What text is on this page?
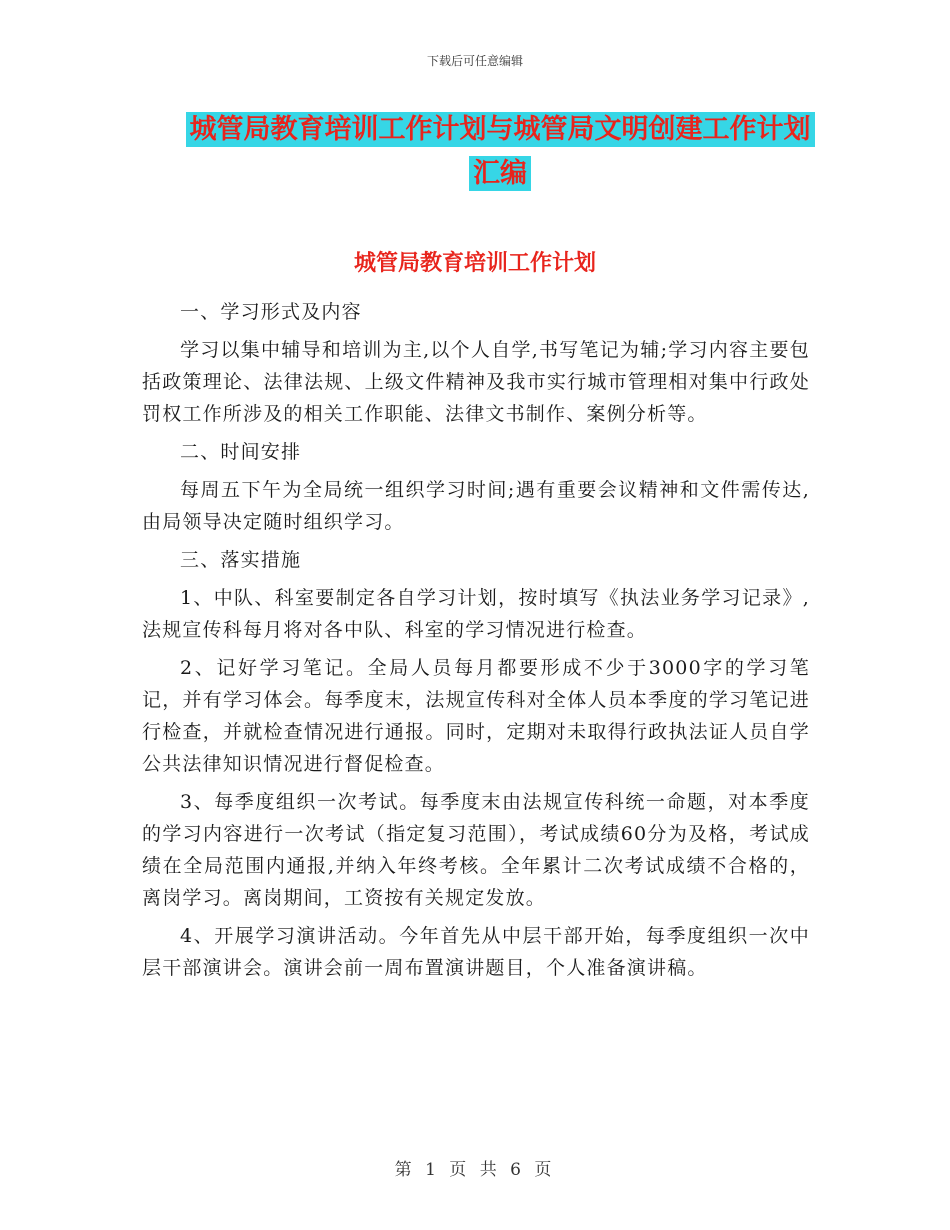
下载后可任意编辑
城管局教育培训工作计划与城管局文明创建工作计划
汇编
城管局教育培训工作计划

一、学习形式及内容

学习以集中辅导和培训为主,以个人自学,书写笔记为辅;学习内容主要包括政策理论、法律法规、上级文件精神及我市实行城市管理相对集中行政处罚权工作所涉及的相关工作职能、法律文书制作、案例分析等。

二、时间安排

每周五下午为全局统一组织学习时间;遇有重要会议精神和文件需传达,由局领导决定随时组织学习。

三、落实措施

1、中队、科室要制定各自学习计划，按时填写《执法业务学习记录》,法规宣传科每月将对各中队、科室的学习情况进行检查。

2、记好学习笔记。全局人员每月都要形成不少于3000字的学习笔记，并有学习体会。每季度末，法规宣传科对全体人员本季度的学习笔记进行检查，并就检查情况进行通报。同时，定期对未取得行政执法证人员自学公共法律知识情况进行督促检查。

3、每季度组织一次考试。每季度末由法规宣传科统一命题，对本季度的学习内容进行一次考试（指定复习范围），考试成绩60分为及格，考试成绩在全局范围内通报,并纳入年终考核。全年累计二次考试成绩不合格的，离岗学习。离岗期间，工资按有关规定发放。

4、开展学习演讲活动。今年首先从中层干部开始，每季度组织一次中层干部演讲会。演讲会前一周布置演讲题目，个人准备演讲稿。

第 1 页 共 6 页
